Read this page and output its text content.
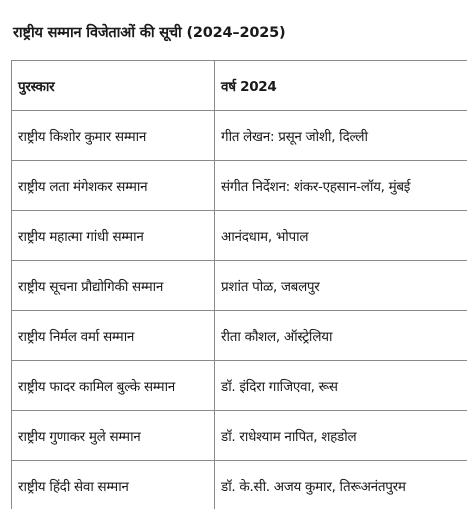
राष्ट्रीय सम्मान विजेताओं की सूची (2024–2025)
पुरस्कार	वर्ष 2024
राष्ट्रीय किशोर कुमार सम्मान	गीत लेखन: प्रसून जोशी, दिल्ली
राष्ट्रीय लता मंगेशकर सम्मान	संगीत निर्देशन: शंकर-एहसान-लॉय, मुंबई
राष्ट्रीय महात्मा गांधी सम्मान	आनंदधाम, भोपाल
राष्ट्रीय सूचना प्रौद्योगिकी सम्मान	प्रशांत पोळ, जबलपुर
राष्ट्रीय निर्मल वर्मा सम्मान	रीता कौशल, ऑस्ट्रेलिया
राष्ट्रीय फादर कामिल बुल्के सम्मान	डॉ. इंदिरा गाजिएवा, रूस
राष्ट्रीय गुणाकर मुले सम्मान	डॉ. राधेश्याम नापित, शहडोल
राष्ट्रीय हिंदी सेवा सम्मान	डॉ. के.सी. अजय कुमार, तिरूअनंतपुरम
